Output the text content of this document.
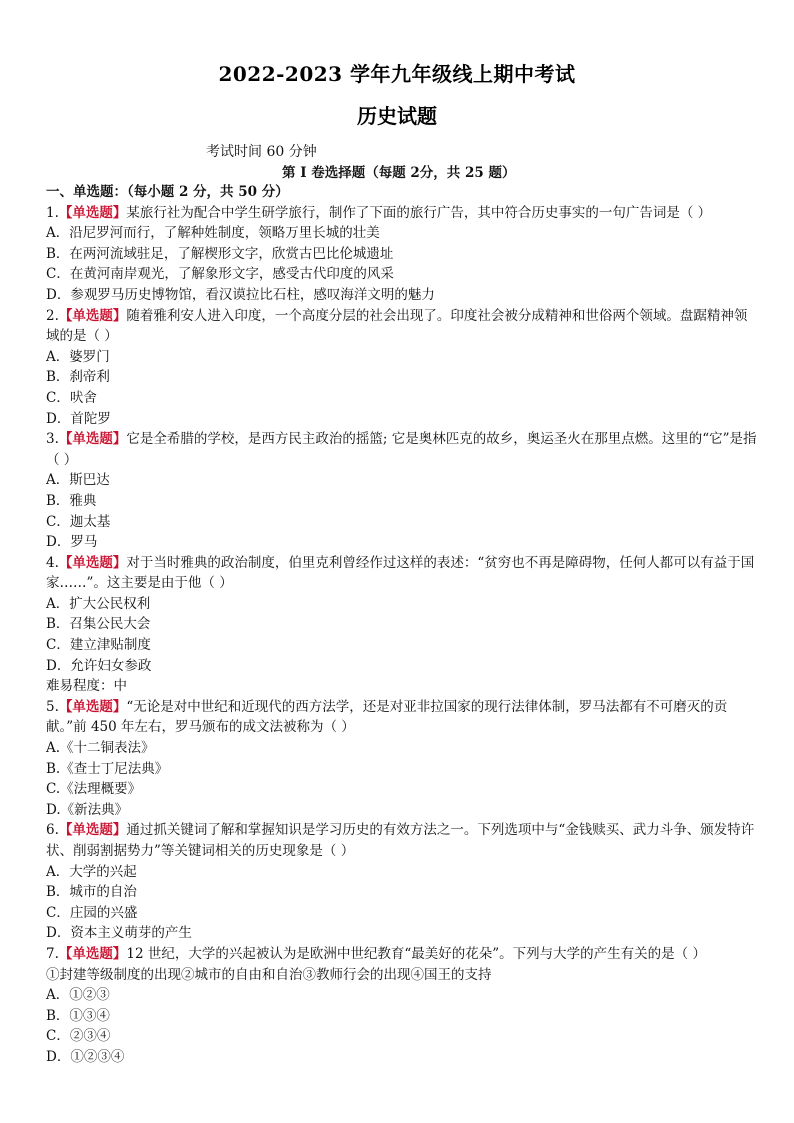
2022-2023 学年九年级线上期中考试
历史试题
考试时间 60 分钟
第 I 卷选择题（每题 2分，共 25 题）
一、单选题：（每小题 2 分，共 50 分）
1.【单选题】某旅行社为配合中学生研学旅行，制作了下面的旅行广告，其中符合历史事实的一句广告词是（ ）
A．沿尼罗河而行，了解种姓制度，领略万里长城的壮美
B．在两河流域驻足，了解楔形文字，欣赏古巴比伦城遗址
C．在黄河南岸观光，了解象形文字，感受古代印度的风采
D．参观罗马历史博物馆，看汉谟拉比石柱，感叹海洋文明的魅力
2.【单选题】随着雅利安人进入印度，一个高度分层的社会出现了。印度社会被分成精神和世俗两个领域。盘踞精神领域的是（ ）
A．婆罗门
B．刹帝利
C．吠舍
D．首陀罗
3.【单选题】它是全希腊的学校，是西方民主政治的摇篮; 它是奥林匹克的故乡，奥运圣火在那里点燃。这里的“它”是指（ ）
A．斯巴达
B．雅典
C．迦太基
D．罗马
4.【单选题】对于当时雅典的政治制度，伯里克利曾经作过这样的表述：“贫穷也不再是障碍物，任何人都可以有益于国家……”。这主要是由于他（ ）
A．扩大公民权利
B．召集公民大会
C．建立津贴制度
D．允许妇女参政
难易程度：中
5.【单选题】“无论是对中世纪和近现代的西方法学，还是对亚非拉国家的现行法律体制，罗马法都有不可磨灭的贡献。”前 450 年左右，罗马颁布的成文法被称为（ ）
A.《十二铜表法》
B.《查士丁尼法典》
C.《法理概要》
D.《新法典》
6.【单选题】通过抓关键词了解和掌握知识是学习历史的有效方法之一。下列选项中与“金钱赎买、武力斗争、颁发特许状、削弱割据势力”等关键词相关的历史现象是（ ）
A．大学的兴起
B．城市的自治
C．庄园的兴盛
D．资本主义萌芽的产生
7.【单选题】12 世纪，大学的兴起被认为是欧洲中世纪教育“最美好的花朵”。下列与大学的产生有关的是（ ）
①封建等级制度的出现②城市的自由和自治③教师行会的出现④国王的支持
A．①②③
B．①③④
C．②③④
D．①②③④
